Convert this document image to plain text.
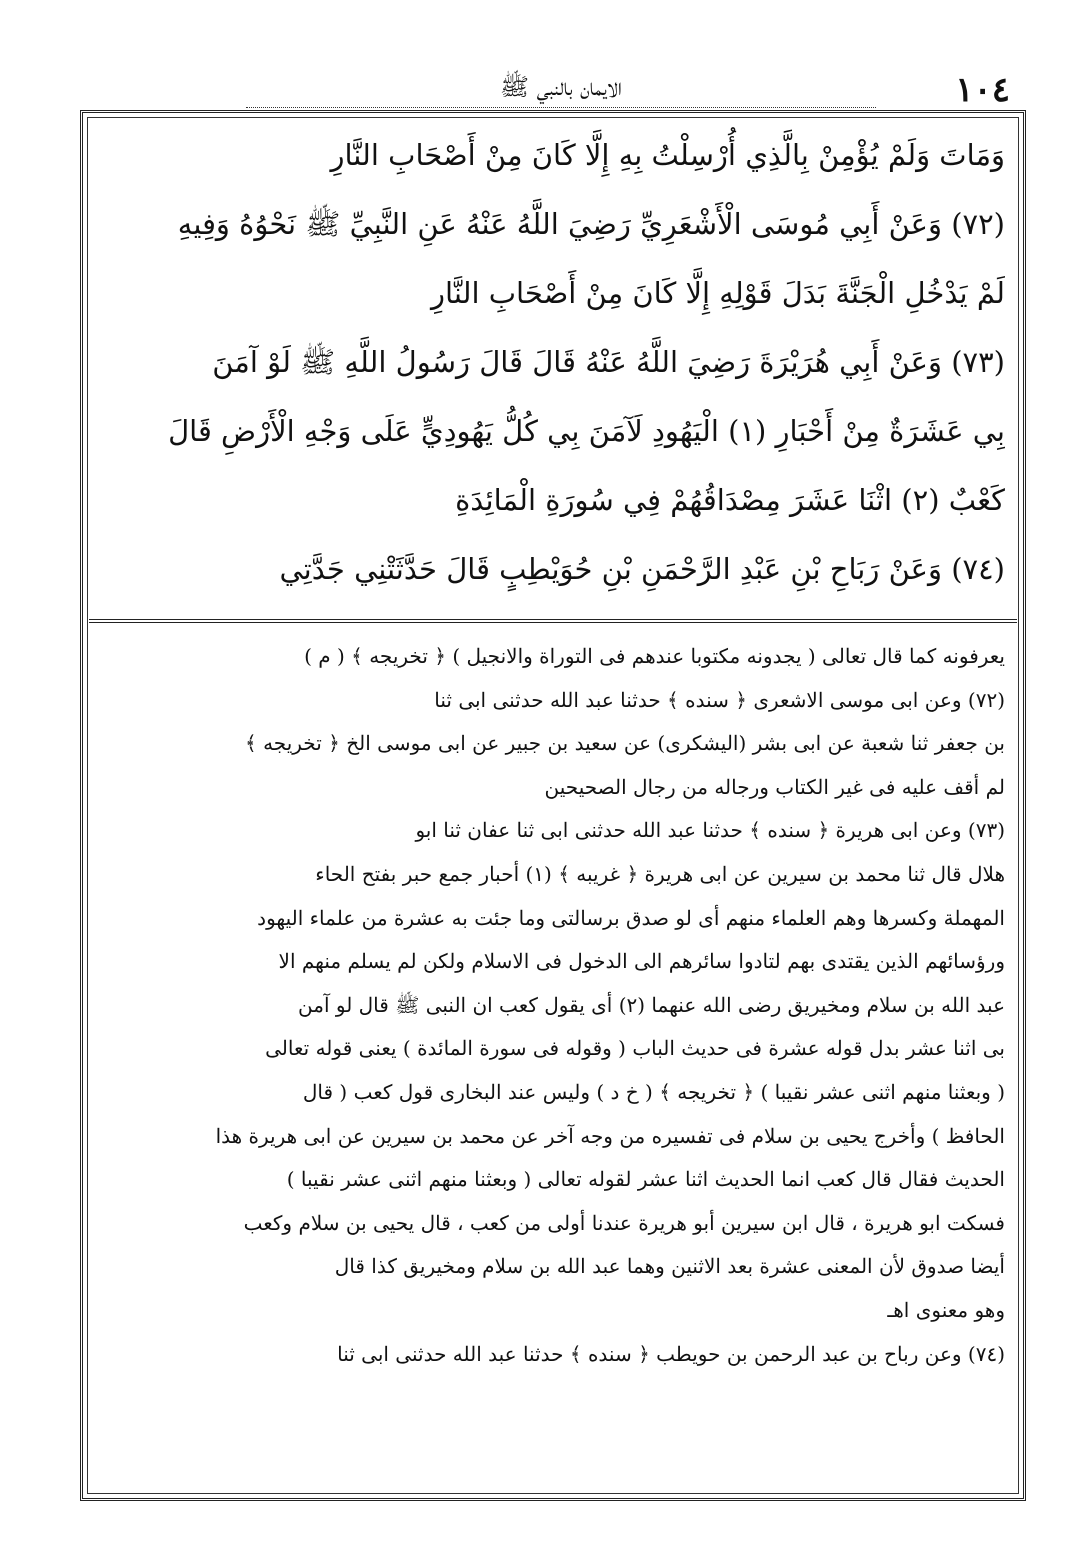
١٠٤
الايمان بالنبي ﷺ
وَمَاتَ وَلَمْ يُؤْمِنْ بِالَّذِي أُرْسِلْتُ بِهِ إِلَّا كَانَ مِنْ أَصْحَابِ النَّارِ
(٧٢) وَعَنْ أَبِي مُوسَى الْأَشْعَرِيِّ رَضِيَ اللَّهُ عَنْهُ عَنِ النَّبِيِّ ﷺ نَحْوُهُ وَفِيهِ
لَمْ يَدْخُلِ الْجَنَّةَ بَدَلَ قَوْلِهِ إِلَّا كَانَ مِنْ أَصْحَابِ النَّارِ
(٧٣) وَعَنْ أَبِي هُرَيْرَةَ رَضِيَ اللَّهُ عَنْهُ قَالَ قَالَ رَسُولُ اللَّهِ ﷺ لَوْ آمَنَ
بِي عَشَرَةٌ مِنْ أَحْبَارِ (١) الْيَهُودِ لَآمَنَ بِي كُلُّ يَهُودِيٍّ عَلَى وَجْهِ الْأَرْضِ قَالَ
كَعْبٌ (٢) اثْنَا عَشَرَ مِصْدَاقُهُمْ فِي سُورَةِ الْمَائِدَةِ
(٧٤) وَعَنْ رَبَاحِ بْنِ عَبْدِ الرَّحْمَنِ بْنِ حُوَيْطِبٍ قَالَ حَدَّثَتْنِي جَدَّتِي
يعرفونه كما قال تعالى ( يجدونه مكتوبا عندهم فى التوراة والانجيل ) ﴿ تخريجه ﴾ ( م )
(٧٢) وعن ابى موسى الاشعرى ﴿ سنده ﴾ حدثنا عبد الله حدثنى ابى ثنا
بن جعفر ثنا شعبة عن ابى بشر (اليشكرى) عن سعيد بن جبير عن ابى موسى الخ ﴿ تخريجه ﴾
لم أقف عليه فى غير الكتاب ورجاله من رجال الصحيحين
(٧٣) وعن ابى هريرة ﴿ سنده ﴾ حدثنا عبد الله حدثنى ابى ثنا عفان ثنا ابو
هلال قال ثنا محمد بن سيرين عن ابى هريرة ﴿ غريبه ﴾ (١) أحبار جمع حبر بفتح الحاء
المهملة وكسرها وهم العلماء منهم أى لو صدق برسالتى وما جئت به عشرة من علماء اليهود
ورؤسائهم الذين يقتدى بهم لتادوا سائرهم الى الدخول فى الاسلام ولكن لم يسلم منهم الا
عبد الله بن سلام ومخيريق رضى الله عنهما (٢) أى يقول كعب ان النبى ﷺ قال لو آمن
بى اثنا عشر بدل قوله عشرة فى حديث الباب ( وقوله فى سورة المائدة ) يعنى قوله تعالى
( وبعثنا منهم اثنى عشر نقيبا ) ﴿ تخريجه ﴾ ( خ د ) وليس عند البخارى قول كعب ( قال
الحافظ ) وأخرج يحيى بن سلام فى تفسيره من وجه آخر عن محمد بن سيرين عن ابى هريرة هذا
الحديث فقال قال كعب انما الحديث اثنا عشر لقوله تعالى ( وبعثنا منهم اثنى عشر نقيبا )
فسكت ابو هريرة ، قال ابن سيرين أبو هريرة عندنا أولى من كعب ، قال يحيى بن سلام وكعب
أيضا صدوق لأن المعنى عشرة بعد الاثنين وهما عبد الله بن سلام ومخيريق كذا قال
وهو معنوى اهـ
(٧٤) وعن رباح بن عبد الرحمن بن حويطب ﴿ سنده ﴾ حدثنا عبد الله حدثنى ابى ثنا
